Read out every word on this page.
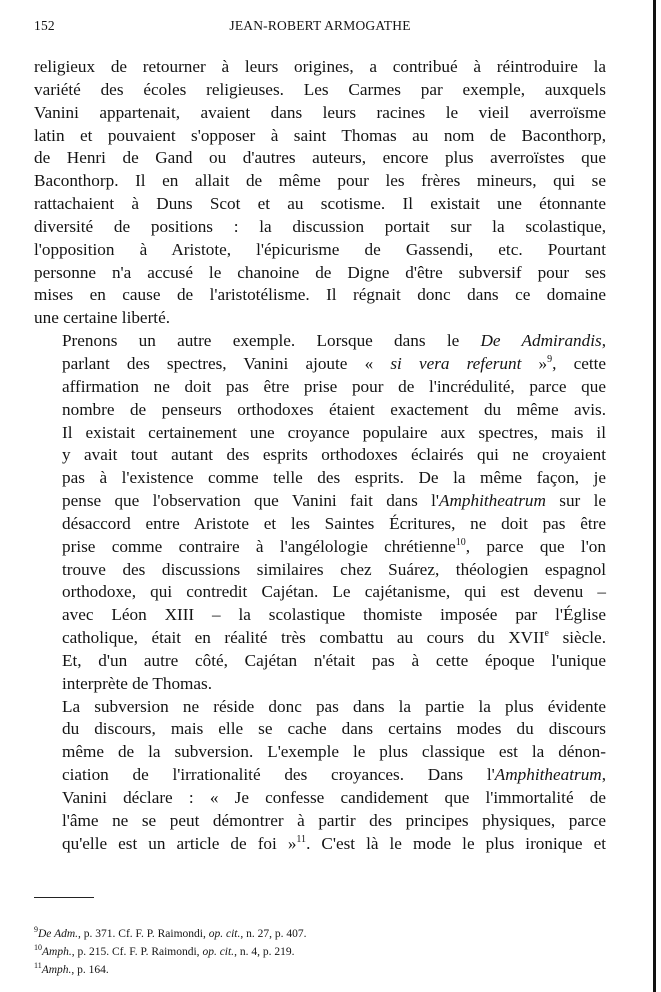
152	JEAN-ROBERT ARMOGATHE

religieux de retourner à leurs origines, a contribué à réintroduire la
variété des écoles religieuses. Les Carmes par exemple, auxquels
Vanini appartenait, avaient dans leurs racines le vieil averroïsme
latin et pouvaient s'opposer à saint Thomas au nom de Baconthorp,
de Henri de Gand ou d'autres auteurs, encore plus averroïstes que
Baconthorp. Il en allait de même pour les frères mineurs, qui se
rattachaient à Duns Scot et au scotisme. Il existait une étonnante
diversité de positions : la discussion portait sur la scolastique,
l'opposition à Aristote, l'épicurisme de Gassendi, etc. Pourtant
personne n'a accusé le chanoine de Digne d'être subversif pour ses
mises en cause de l'aristotélisme. Il régnait donc dans ce domaine
une certaine liberté.

Prenons un autre exemple. Lorsque dans le De Admirandis,
parlant des spectres, Vanini ajoute « si vera referunt »$^9$, cette
affirmation ne doit pas être prise pour de l'incrédulité, parce que
nombre de penseurs orthodoxes étaient exactement du même avis.
Il existait certainement une croyance populaire aux spectres, mais il
y avait tout autant des esprits orthodoxes éclairés qui ne croyaient
pas à l'existence comme telle des esprits. De la même façon, je
pense que l'observation que Vanini fait dans l'Amphitheatrum sur le
désaccord entre Aristote et les Saintes Écritures, ne doit pas être
prise comme contraire à l'angélologie chrétienne$^{10}$, parce que l'on
trouve des discussions similaires chez Suárez, théologien espagnol
orthodoxe, qui contredit Cajétan. Le cajétanisme, qui est devenu –
avec Léon XIII – la scolastique thomiste imposée par l'Église
catholique, était en réalité très combattu au cours du XVIIe siècle.
Et, d'un autre côté, Cajétan n'était pas à cette époque l'unique
interprète de Thomas.

La subversion ne réside donc pas dans la partie la plus évidente
du discours, mais elle se cache dans certains modes du discours
même de la subversion. L'exemple le plus classique est la dénon-
ciation de l'irrationalité des croyances. Dans l'Amphitheatrum,
Vanini déclare : « Je confesse candidement que l'immortalité de
l'âme ne se peut démontrer à partir des principes physiques, parce
qu'elle est un article de foi »$^{11}$. C'est là le mode le plus ironique et

$^9$De Adm., p. 371. Cf. F. P. Raimondi, op. cit., n. 27, p. 407.
$^{10}$Amph., p. 215. Cf. F. P. Raimondi, op. cit., n. 4, p. 219.
$^{11}$Amph., p. 164.
